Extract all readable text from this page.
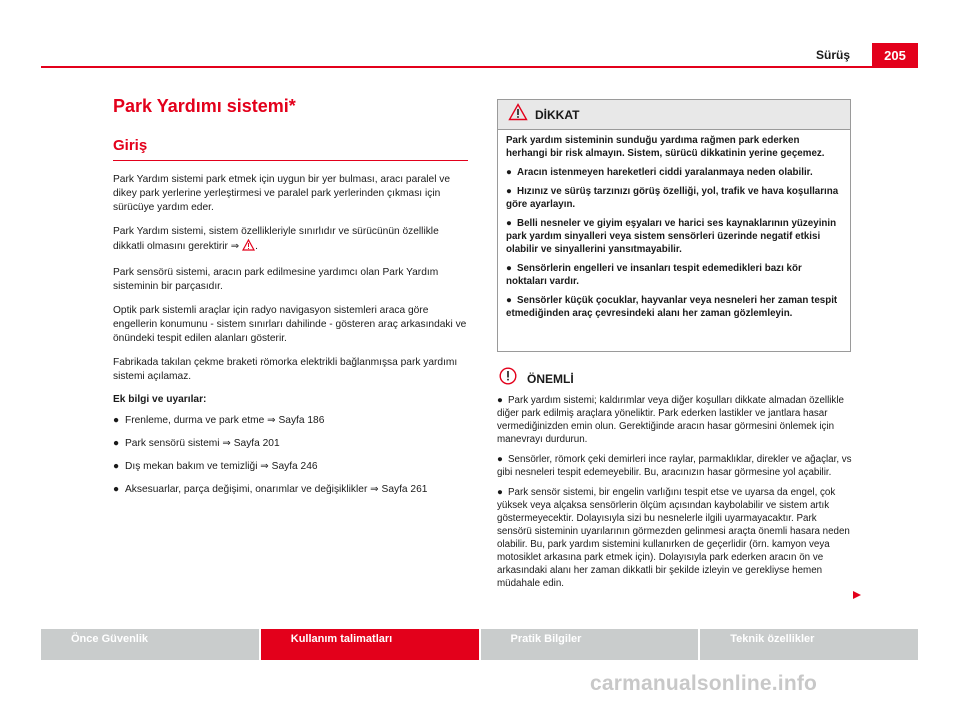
Sürüş	205
Park Yardımı sistemi*
Giriş

Park Yardım sistemi park etmek için uygun bir yer bulması, aracı paralel ve dikey park yerlerine yerleştirmesi ve paralel park yerlerinden çıkması için sürücüye yardım eder.

Park Yardım sistemi, sistem özellikleriyle sınırlıdır ve sürücünün özellikle dikkatli olmasını gerektirir ⇒ .

Park sensörü sistemi, aracın park edilmesine yardımcı olan Park Yardım sisteminin bir parçasıdır.

Optik park sistemli araçlar için radyo navigasyon sistemleri araca göre engellerin konumunu - sistem sınırları dahilinde - gösteren araç arkasındaki ve önündeki tespit edilen alanları gösterir.

Fabrikada takılan çekme braketi römorka elektrikli bağlanmışsa park yardımı sistemi açılamaz.

Ek bilgi ve uyarılar:
● Frenleme, durma ve park etme ⇒ Sayfa 186
● Park sensörü sistemi ⇒ Sayfa 201
● Dış mekan bakım ve temizliği ⇒ Sayfa 246
● Aksesuarlar, parça değişimi, onarımlar ve değişiklikler ⇒ Sayfa 261
DİKKAT

Park yardım sisteminin sunduğu yardıma rağmen park ederken herhangi bir risk almayın. Sistem, sürücü dikkatinin yerine geçemez.

● Aracın istenmeyen hareketleri ciddi yaralanmaya neden olabilir.

● Hızınız ve sürüş tarzınızı görüş özelliği, yol, trafik ve hava koşullarına göre ayarlayın.

● Belli nesneler ve giyim eşyaları ve harici ses kaynaklarının yüzeyinin park yardım sinyalleri veya sistem sensörleri üzerinde negatif etkisi olabilir ve sinyallerini yansıtmayabilir.

● Sensörlerin engelleri ve insanları tespit edemedikleri bazı kör noktaları vardır.

● Sensörler küçük çocuklar, hayvanlar veya nesneleri her zaman tespit etmediğinden araç çevresindeki alanı her zaman gözlemleyin.

ÖNEMLİ

● Park yardım sistemi; kaldırımlar veya diğer koşulları dikkate almadan özellikle diğer park edilmiş araçlara yöneliktir. Park ederken lastikler ve jantlara hasar vermediğinizden emin olun. Gerektiğinde aracın hasar görmesini önlemek için manevrayı durdurun.

● Sensörler, römork çeki demirleri ince raylar, parmaklıklar, direkler ve ağaçlar, vs gibi nesneleri tespit edemeyebilir. Bu, aracınızın hasar görmesine yol açabilir.

● Park sensör sistemi, bir engelin varlığını tespit etse ve uyarsa da engel, çok yüksek veya alçaksa sensörlerin ölçüm açısından kaybolabilir ve sistem artık göstermeyecektir. Dolayısıyla sizi bu nesnelerle ilgili uyarmayacaktır. Park sensörü sisteminin uyarılarının görmezden gelinmesi araçta önemli hasara neden olabilir. Bu, park yardım sistemini kullanırken de geçerlidir (örn. kamyon veya motosiklet arkasına park etmek için). Dolayısıyla park ederken aracın ön ve arkasındaki alanı her zaman dikkatli bir şekilde izleyin ve gerekliyse hemen müdahale edin.

Önce Güvenlik	Kullanım talimatları	Pratik Bilgiler	Teknik özellikler
carmanualsonline.info
